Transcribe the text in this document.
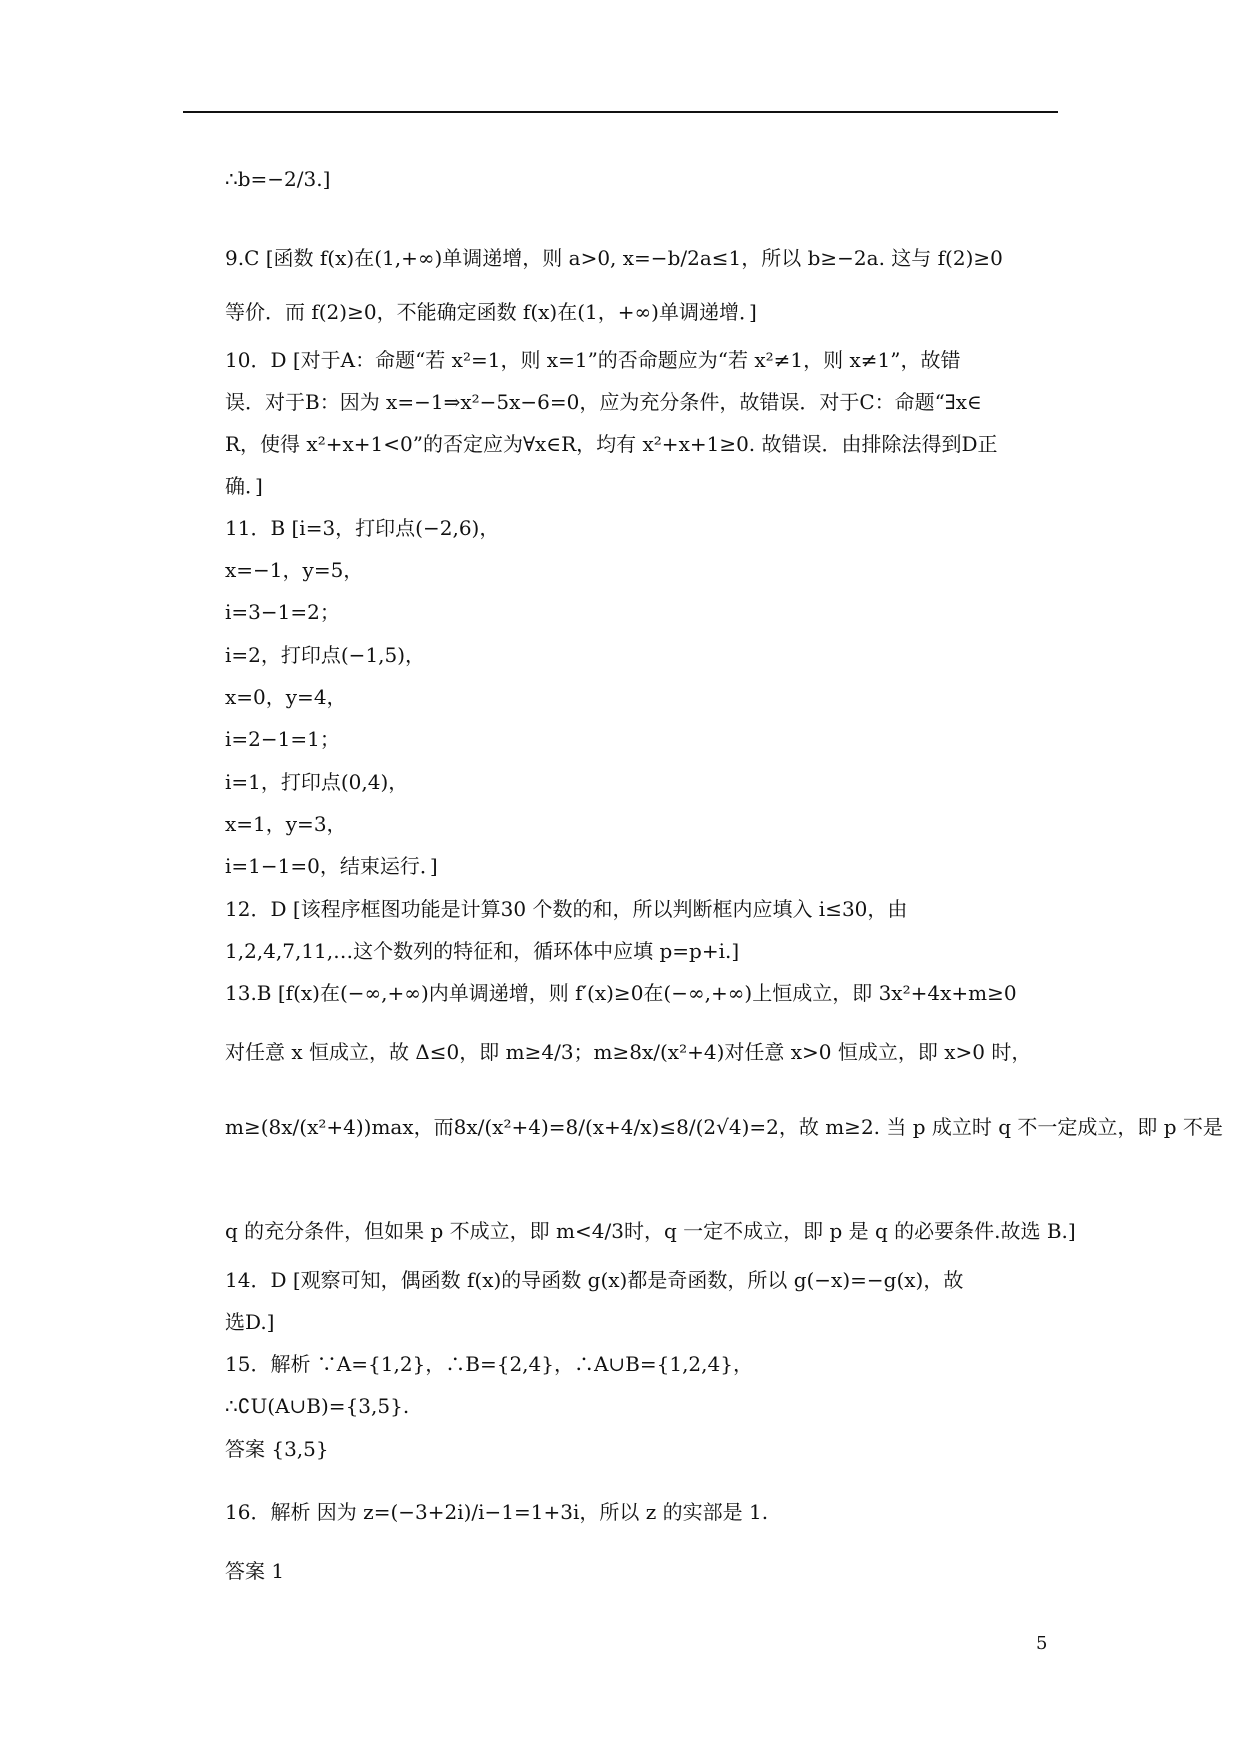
∴b=−2/3.]
9.C [函数 f(x)在(1,+∞)单调递增，则 a>0, x=−b/2a≤1，所以 b≥−2a. 这与 f(2)≥0
等价．而 f(2)≥0，不能确定函数 f(x)在(1，+∞)单调递增．]
10．D [对于A：命题“若 x²=1，则 x=1”的否命题应为“若 x²≠1，则 x≠1”，故错
误．对于B：因为 x=−1⇒x²−5x−6=0，应为充分条件，故错误．对于C：命题“∃x∈
R，使得 x²+x+1<0”的否定应为∀x∈R，均有 x²+x+1≥0. 故错误．由排除法得到D正
确．]
11．B [i=3，打印点(−2,6)，
x=−1，y=5，
i=3−1=2；
i=2，打印点(−1,5)，
x=0，y=4，
i=2−1=1；
i=1，打印点(0,4)，
x=1，y=3，
i=1−1=0，结束运行．]
12．D [该程序框图功能是计算30 个数的和，所以判断框内应填入 i≤30，由
1,2,4,7,11,…这个数列的特征和，循环体中应填 p=p+i.]
13.B [f(x)在(−∞,+∞)内单调递增，则 f′(x)≥0在(−∞,+∞)上恒成立，即 3x²+4x+m≥0
对任意 x 恒成立，故 Δ≤0，即 m≥4/3；m≥8x/(x²+4)对任意 x>0 恒成立，即 x>0 时，
m≥(8x/(x²+4))max，而8x/(x²+4)=8/(x+4/x)≤8/(2√4)=2，故 m≥2. 当 p 成立时 q 不一定成立，即 p 不是
q 的充分条件，但如果 p 不成立，即 m<4/3时，q 一定不成立，即 p 是 q 的必要条件.故选 B.]
14．D [观察可知，偶函数 f(x)的导函数 g(x)都是奇函数，所以 g(−x)=−g(x)，故
选D.]
15．解析 ∵A={1,2}，∴B={2,4}，∴A∪B={1,2,4}，
∴∁U(A∪B)={3,5}.
答案 {3,5}
16．解析 因为 z=(−3+2i)/i−1=1+3i，所以 z 的实部是 1.
答案 1
5
